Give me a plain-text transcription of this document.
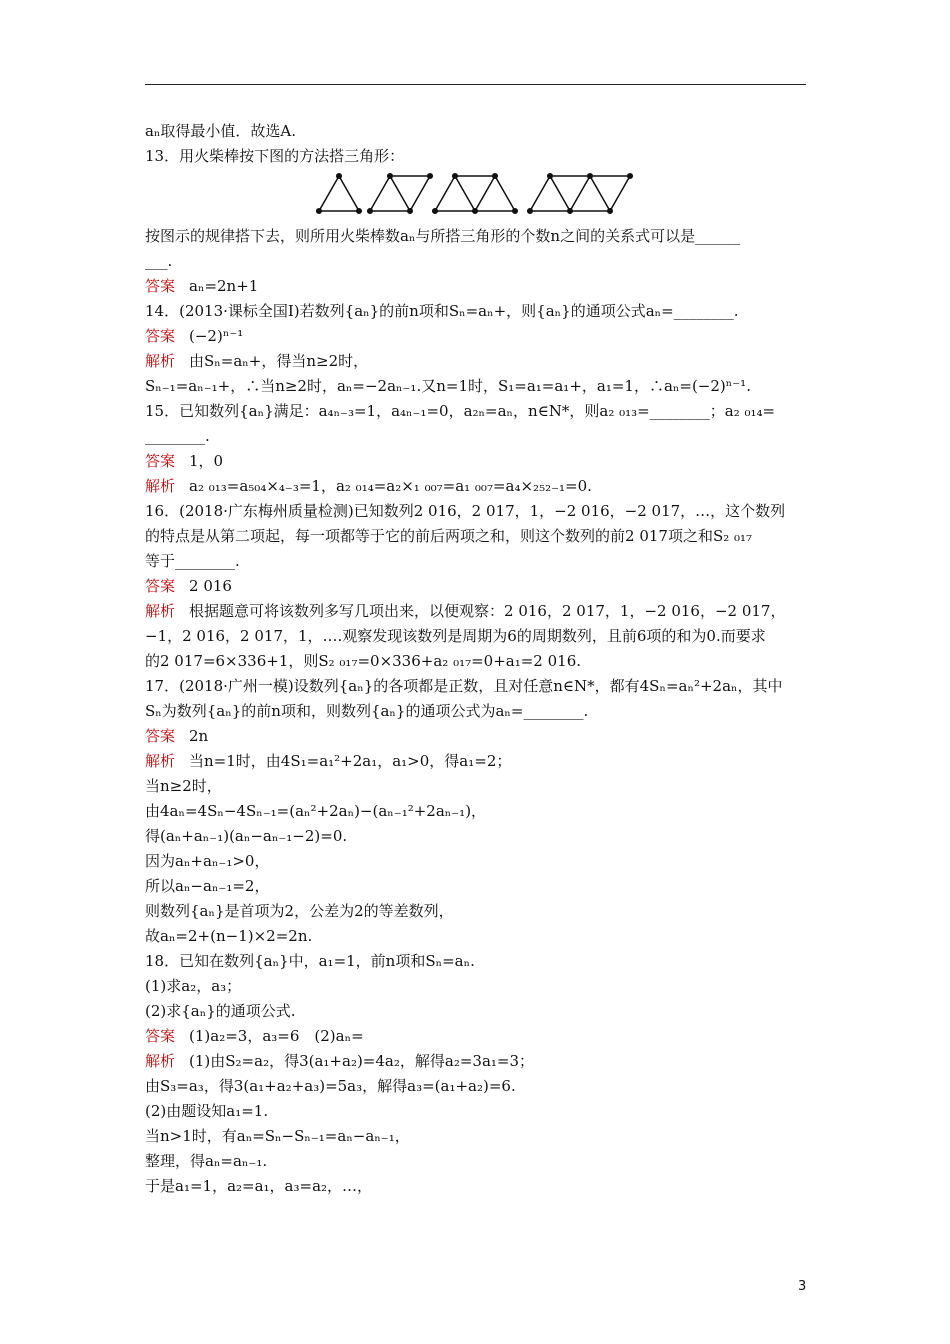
aₙ取得最小值．故选A.
13．用火柴棒按下图的方法搭三角形：
按图示的规律搭下去，则所用火柴棒数aₙ与所搭三角形的个数n之间的关系式可以是______
___.
答案 aₙ=2n+1
14．(2013·课标全国Ⅰ)若数列{aₙ}的前n项和Sₙ=aₙ+，则{aₙ}的通项公式aₙ=________.
答案 (−2)ⁿ⁻¹
解析 由Sₙ=aₙ+，得当n≥2时，
Sₙ₋₁=aₙ₋₁+，∴当n≥2时，aₙ=−2aₙ₋₁.又n=1时，S₁=a₁=a₁+，a₁=1，∴aₙ=(−2)ⁿ⁻¹.
15．已知数列{aₙ}满足：a₄ₙ₋₃=1，a₄ₙ₋₁=0，a₂ₙ=aₙ，n∈N*，则a₂ ₀₁₃=________；a₂ ₀₁₄=
________.
答案 1，0
解析 a₂ ₀₁₃=a₅₀₄×₄₋₃=1，a₂ ₀₁₄=a₂×₁ ₀₀₇=a₁ ₀₀₇=a₄×₂₅₂₋₁=0.
16．(2018·广东梅州质量检测)已知数列2 016，2 017，1，−2 016，−2 017，…，这个数列
的特点是从第二项起，每一项都等于它的前后两项之和，则这个数列的前2 017项之和S₂ ₀₁₇
等于________.
答案 2 016
解析 根据题意可将该数列多写几项出来，以便观察：2 016，2 017，1，−2 016，−2 017，
−1，2 016，2 017，1，….观察发现该数列是周期为6的周期数列，且前6项的和为0.而要求
的2 017=6×336+1，则S₂ ₀₁₇=0×336+a₂ ₀₁₇=0+a₁=2 016.
17．(2018·广州一模)设数列{aₙ}的各项都是正数，且对任意n∈N*，都有4Sₙ=aₙ²+2aₙ，其中
Sₙ为数列{aₙ}的前n项和，则数列{aₙ}的通项公式为aₙ=________.
答案 2n
解析 当n=1时，由4S₁=a₁²+2a₁，a₁>0，得a₁=2；
当n≥2时，
由4aₙ=4Sₙ−4Sₙ₋₁=(aₙ²+2aₙ)−(aₙ₋₁²+2aₙ₋₁)，
得(aₙ+aₙ₋₁)(aₙ−aₙ₋₁−2)=0.
因为aₙ+aₙ₋₁>0，
所以aₙ−aₙ₋₁=2，
则数列{aₙ}是首项为2，公差为2的等差数列，
故aₙ=2+(n−1)×2=2n.
18．已知在数列{aₙ}中，a₁=1，前n项和Sₙ=aₙ.
(1)求a₂，a₃；
(2)求{aₙ}的通项公式.
答案 (1)a₂=3，a₃=6　(2)aₙ=
解析 (1)由S₂=a₂，得3(a₁+a₂)=4a₂，解得a₂=3a₁=3；
由S₃=a₃，得3(a₁+a₂+a₃)=5a₃，解得a₃=(a₁+a₂)=6.
(2)由题设知a₁=1.
当n>1时，有aₙ=Sₙ−Sₙ₋₁=aₙ−aₙ₋₁，
整理，得aₙ=aₙ₋₁.
于是a₁=1，a₂=a₁，a₃=a₂，…，
3
